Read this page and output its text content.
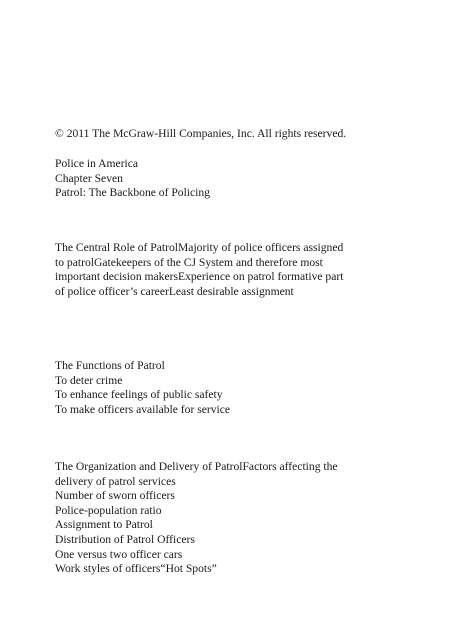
© 2011 The McGraw-Hill Companies, Inc. All rights reserved.

Police in America
Chapter Seven
Patrol: The Backbone of Policing

The Central Role of PatrolMajority of police officers assigned
to patrolGatekeepers of the CJ System and therefore most
important decision makersExperience on patrol formative part
of police officer’s careerLeast desirable assignment

The Functions of Patrol
To deter crime
To enhance feelings of public safety
To make officers available for service

The Organization and Delivery of PatrolFactors affecting the
delivery of patrol services
Number of sworn officers
Police-population ratio
Assignment to Patrol
Distribution of Patrol Officers
One versus two officer cars
Work styles of officers“Hot Spots”
